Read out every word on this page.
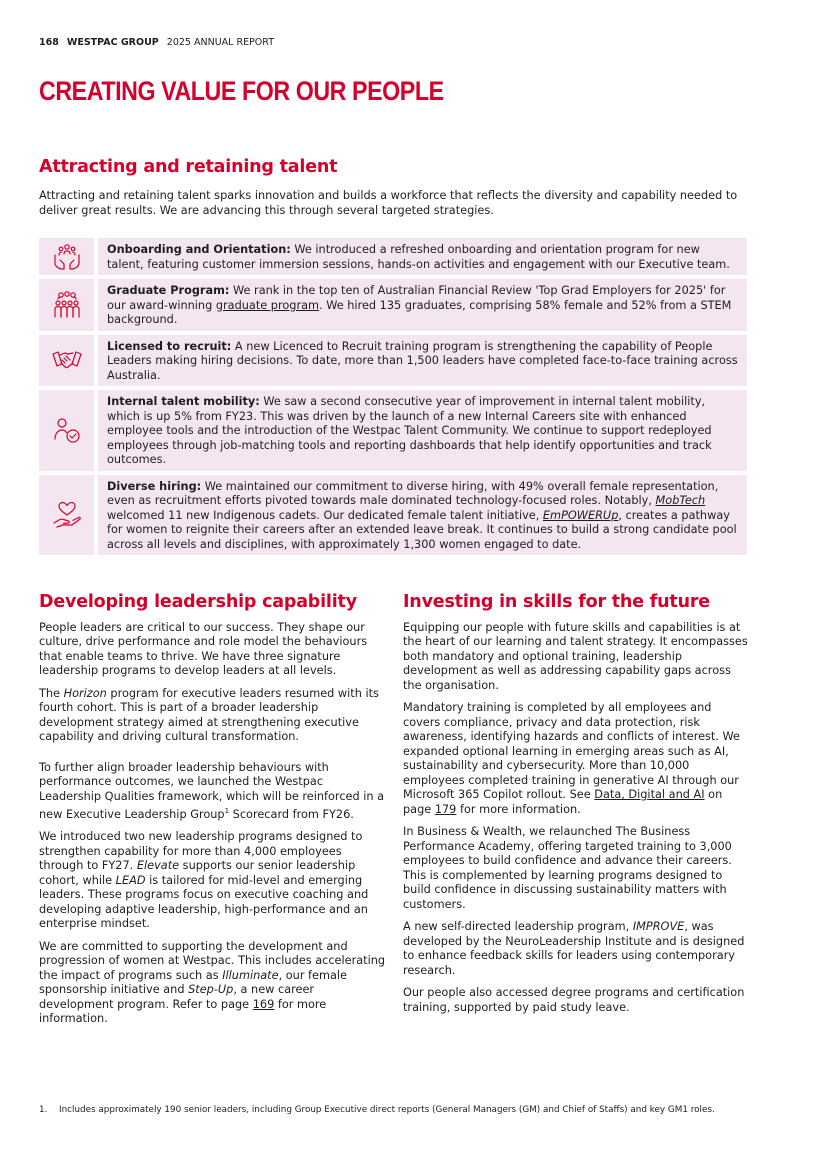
168 WESTPAC GROUP 2025 ANNUAL REPORT
CREATING VALUE FOR OUR PEOPLE
Attracting and retaining talent

Attracting and retaining talent sparks innovation and builds a workforce that reflects the diversity and capability needed to deliver great results. We are advancing this through several targeted strategies.

Onboarding and Orientation: We introduced a refreshed onboarding and orientation program for new talent, featuring customer immersion sessions, hands-on activities and engagement with our Executive team.
Graduate Program: We rank in the top ten of Australian Financial Review 'Top Grad Employers for 2025' for our award-winning graduate program. We hired 135 graduates, comprising 58% female and 52% from a STEM background.
Licensed to recruit: A new Licenced to Recruit training program is strengthening the capability of People Leaders making hiring decisions. To date, more than 1,500 leaders have completed face-to-face training across Australia.
Internal talent mobility: We saw a second consecutive year of improvement in internal talent mobility, which is up 5% from FY23. This was driven by the launch of a new Internal Careers site with enhanced employee tools and the introduction of the Westpac Talent Community. We continue to support redeployed employees through job-matching tools and reporting dashboards that help identify opportunities and track outcomes.
Diverse hiring: We maintained our commitment to diverse hiring, with 49% overall female representation, even as recruitment efforts pivoted towards male dominated technology-focused roles. Notably, MobTech welcomed 11 new Indigenous cadets. Our dedicated female talent initiative, EmPOWERUp, creates a pathway for women to reignite their careers after an extended leave break. It continues to build a strong candidate pool across all levels and disciplines, with approximately 1,300 women engaged to date.
Developing leadership capability

People leaders are critical to our success. They shape our culture, drive performance and role model the behaviours that enable teams to thrive. We have three signature leadership programs to develop leaders at all levels.

The Horizon program for executive leaders resumed with its fourth cohort. This is part of a broader leadership development strategy aimed at strengthening executive capability and driving cultural transformation.

To further align broader leadership behaviours with performance outcomes, we launched the Westpac Leadership Qualities framework, which will be reinforced in a new Executive Leadership Group$^1$ Scorecard from FY26.

We introduced two new leadership programs designed to strengthen capability for more than 4,000 employees through to FY27. Elevate supports our senior leadership cohort, while LEAD is tailored for mid-level and emerging leaders. These programs focus on executive coaching and developing adaptive leadership, high-performance and an enterprise mindset.

We are committed to supporting the development and progression of women at Westpac. This includes accelerating the impact of programs such as Illuminate, our female sponsorship initiative and Step-Up, a new career development program. Refer to page 169 for more information.

Investing in skills for the future

Equipping our people with future skills and capabilities is at the heart of our learning and talent strategy. It encompasses both mandatory and optional training, leadership development as well as addressing capability gaps across the organisation.

Mandatory training is completed by all employees and covers compliance, privacy and data protection, risk awareness, identifying hazards and conflicts of interest. We expanded optional learning in emerging areas such as AI, sustainability and cybersecurity. More than 10,000 employees completed training in generative AI through our Microsoft 365 Copilot rollout. See Data, Digital and AI on page 179 for more information.

In Business & Wealth, we relaunched The Business Performance Academy, offering targeted training to 3,000 employees to build confidence and advance their careers. This is complemented by learning programs designed to build confidence in discussing sustainability matters with customers.

A new self-directed leadership program, IMPROVE, was developed by the NeuroLeadership Institute and is designed to enhance feedback skills for leaders using contemporary research.

Our people also accessed degree programs and certification training, supported by paid study leave.

1.	Includes approximately 190 senior leaders, including Group Executive direct reports (General Managers (GM) and Chief of Staffs) and key GM1 roles.
